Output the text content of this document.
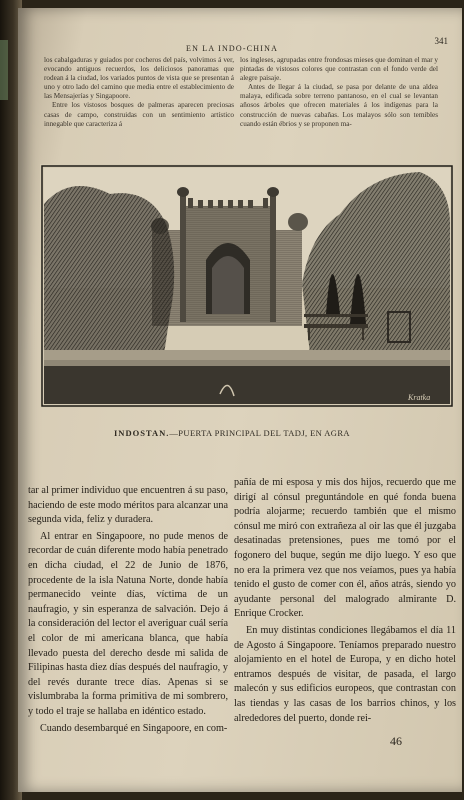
EN LA INDO-CHINA
341

los cabalgaduras y guiados por cocheros del país, volvimos á ver, evocando antiguos recuerdos, los deliciosos panoramas que rodean á la ciudad, los variados puntos de vista que se presentan á uno y otro lado del camino que media entre el establecimiento de las Mensajerías y Singapoore.

Entre los vistosos bosques de palmeras aparecen preciosas casas de campo, construidas con un sentimiento artístico innegable que caracteriza á

los ingleses, agrupadas entre frondosas mieses que dominan el mar y pintadas de vistosos colores que contrastan con el fondo verde del alegre paisaje.

Antes de llegar á la ciudad, se pasa por delante de una aldea malaya, edificada sobre terreno pantanoso, en el cual se levantan añosos árboles que ofrecen materiales á los indígenas para la construcción de nuevas cabañas. Los malayos sólo son temibles cuando están ébrios y se proponen ma-

Kratka
INDOSTAN.—PUERTA PRINCIPAL DEL TADJ, EN AGRA

tar al primer individuo que encuentren á su paso, haciendo de este modo méritos para alcanzar una segunda vida, feliz y duradera.

Al entrar en Singapoore, no pude menos de recordar de cuán diferente modo había penetrado en dicha ciudad, el 22 de Junio de 1876, procedente de la isla Natuna Norte, donde había permanecido veinte días, víctima de un naufragio, y sin esperanza de salvación. Dejo á la consideración del lector el averiguar cuál sería el color de mi americana blanca, que había llevado puesta del derecho desde mi salida de Filipinas hasta diez días después del naufragio, y del revés durante trece días. Apenas si se vislumbraba la forma primitiva de mi sombrero, y todo el traje se hallaba en idéntico estado.

Cuando desembarqué en Singapoore, en com-

pañía de mi esposa y mis dos hijos, recuerdo que me dirigí al cónsul preguntándole en qué fonda buena podría alojarme; recuerdo también que el mismo cónsul me miró con extrañeza al oir las que él juzgaba desatinadas pretensiones, pues me tomó por el fogonero del buque, según me dijo luego. Y eso que no era la primera vez que nos veíamos, pues ya había tenido el gusto de comer con él, años atrás, siendo yo ayudante personal del malogrado almirante D. Enrique Crocker.

En muy distintas condiciones llegábamos el día 11 de Agosto á Singapoore. Teníamos preparado nuestro alojamiento en el hotel de Europa, y en dicho hotel entramos después de visitar, de pasada, el largo malecón y sus edificios europeos, que contrastan con las tiendas y las casas de los barrios chinos, y los alrededores del puerto, donde rei-

46
